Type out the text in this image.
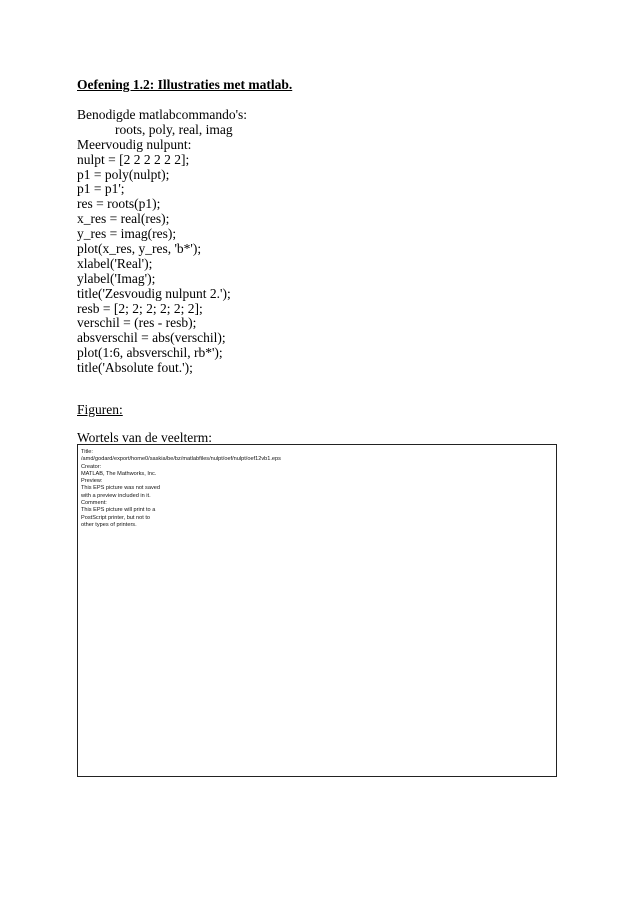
Oefening 1.2: Illustraties met matlab.
Benodigde matlabcommando's:
roots, poly, real, imag
Meervoudig nulpunt:
nulpt = [2 2 2 2 2 2];
p1 = poly(nulpt);
p1 = p1';
res = roots(p1);
x_res = real(res);
y_res = imag(res);
plot(x_res, y_res, 'b*');
xlabel('Real');
ylabel('Imag');
title('Zesvoudig nulpunt 2.');
resb = [2; 2; 2; 2; 2; 2];
verschil = (res - resb);
absverschil = abs(verschil);
plot(1:6, absverschil, rb*');
title('Absolute fout.');
Figuren:
Wortels van de veelterm:
Title:
/amd/godard/export/home0/saskia/be/bz/matlabfiles/nulpt/oef/nulpt/oef12vb1.eps
Creator:
MATLAB, The Mathworks, Inc.
Preview:
This EPS picture was not saved
with a preview included in it.
Comment:
This EPS picture will print to a
PostScript printer, but not to
other types of printers.
